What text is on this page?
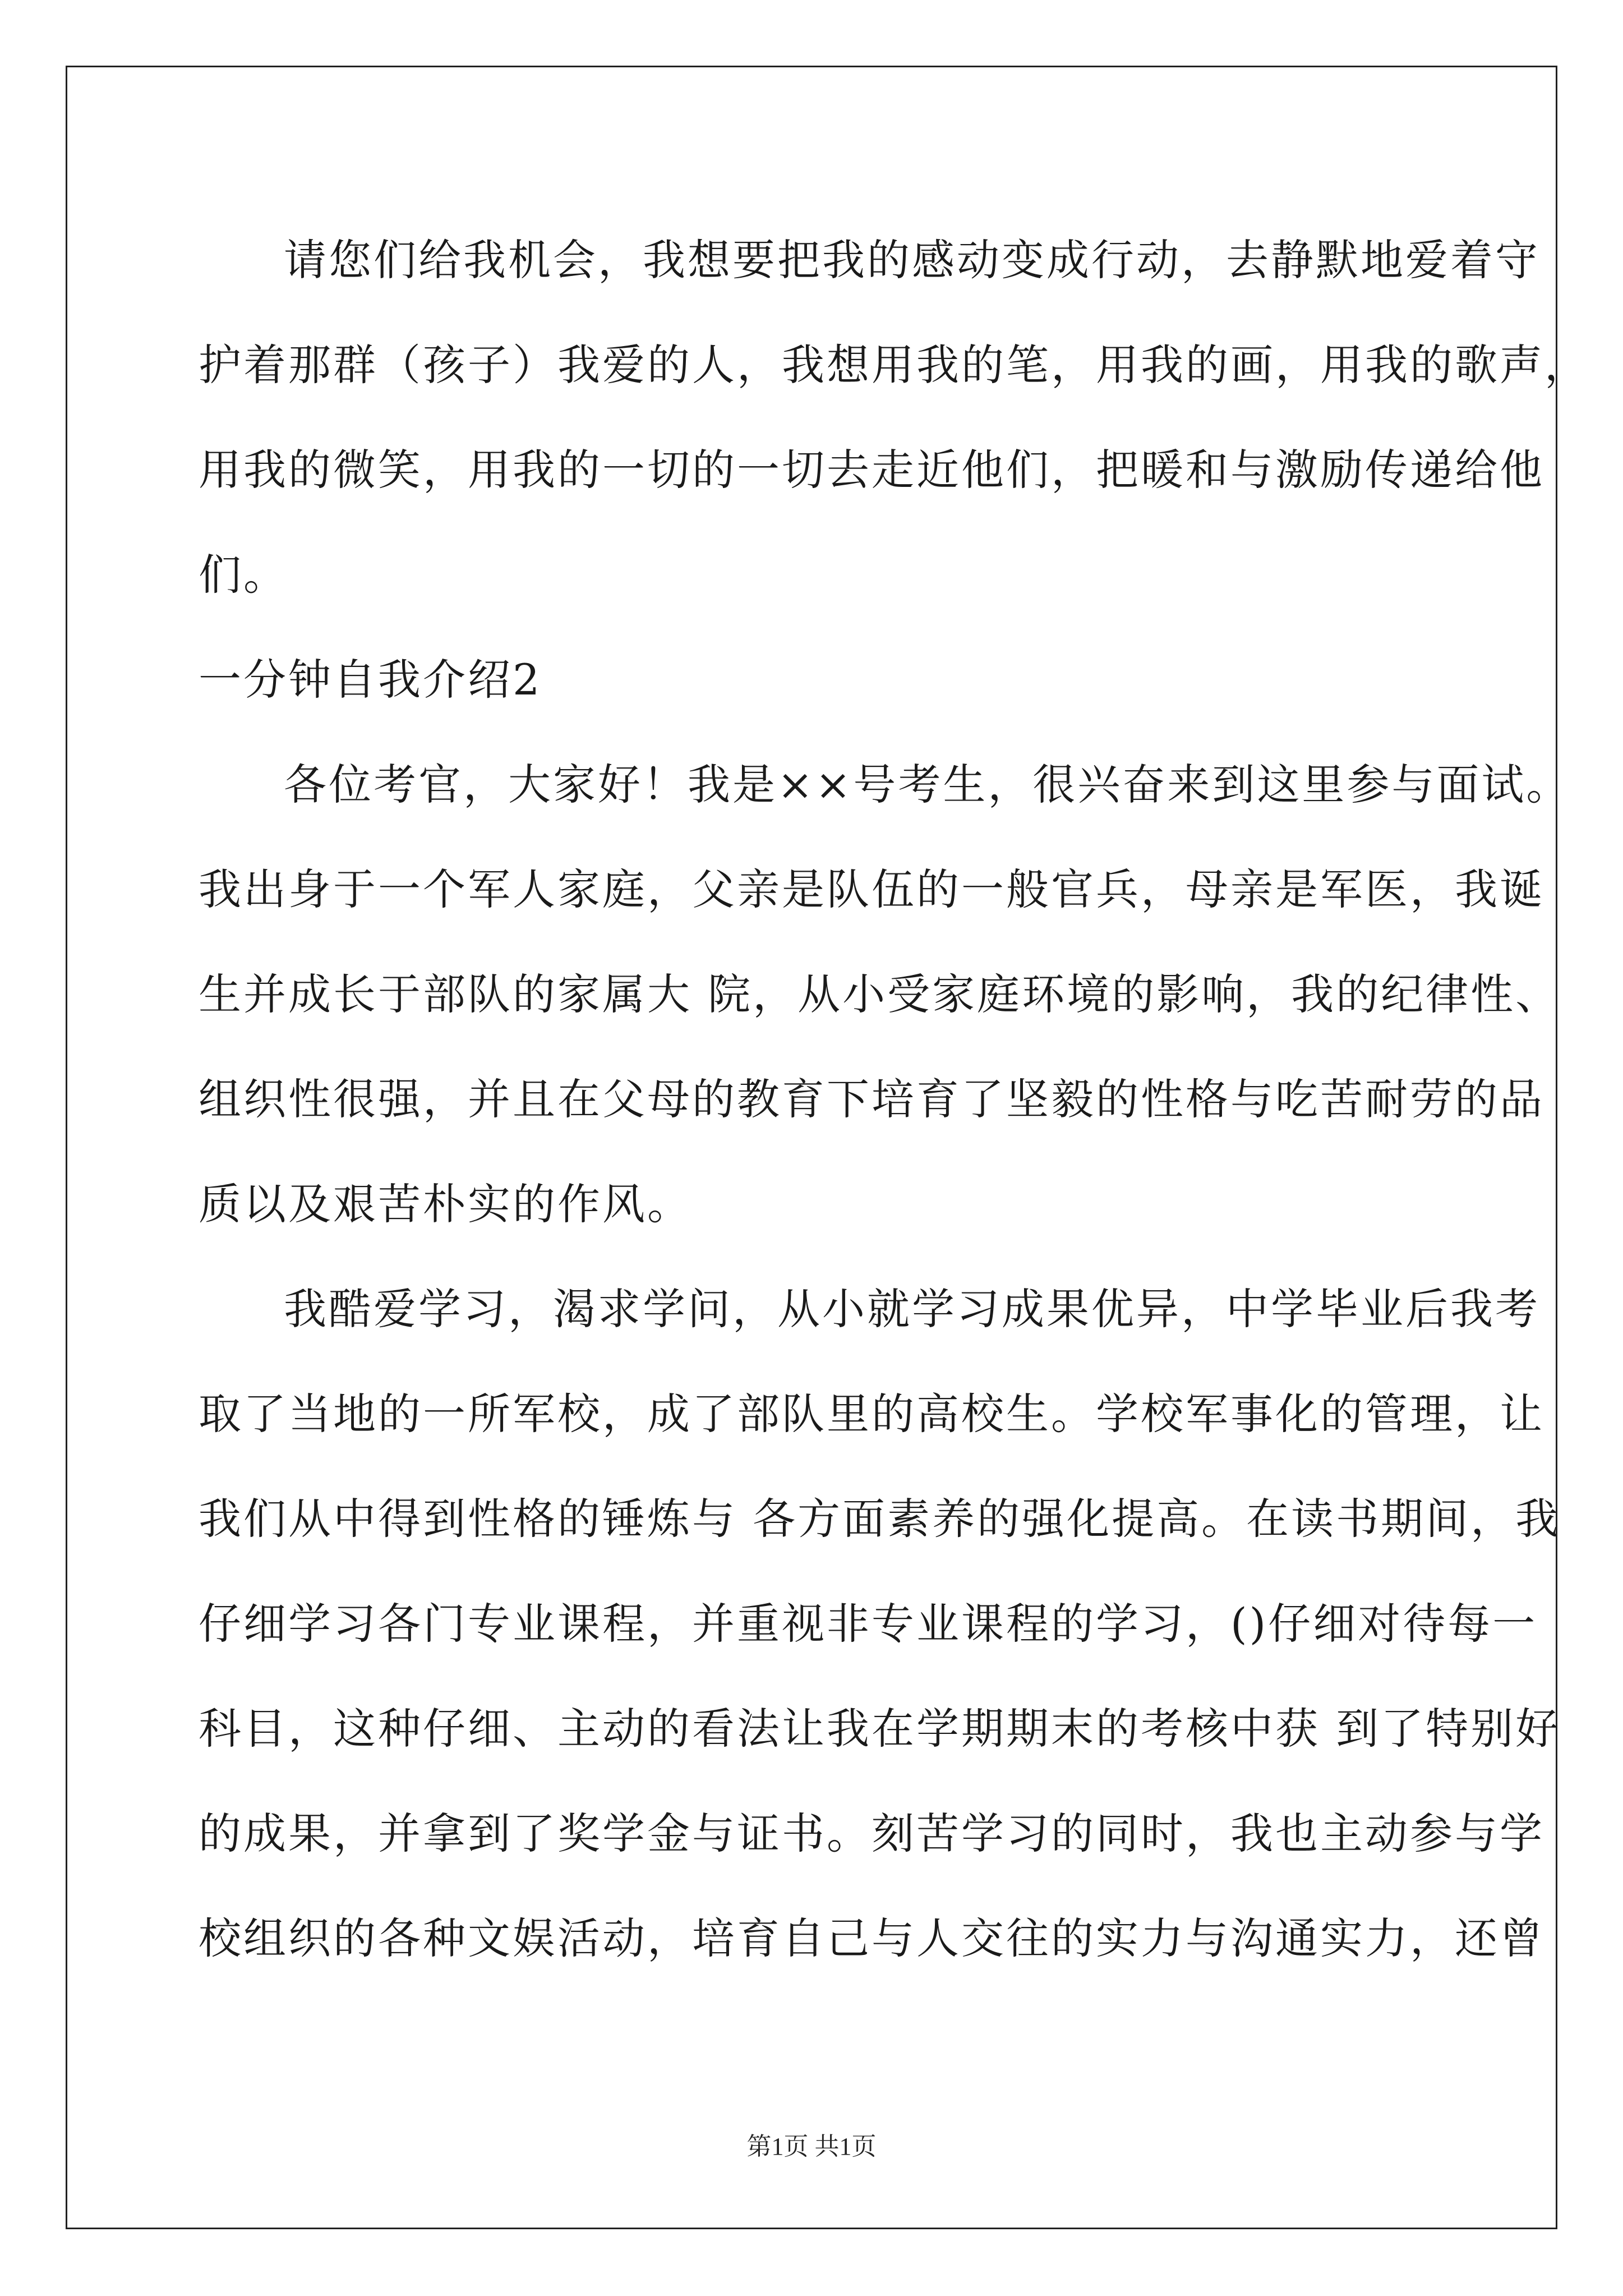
请您们给我机会，我想要把我的感动变成行动，去静默地爱着守
护着那群（孩子）我爱的人，我想用我的笔，用我的画，用我的歌声，
用我的微笑，用我的一切的一切去走近他们，把暖和与激励传递给他
们。
一分钟自我介绍2
各位考官，大家好！我是××号考生，很兴奋来到这里参与面试。
我出身于一个军人家庭，父亲是队伍的一般官兵，母亲是军医，我诞
生并成长于部队的家属大 院，从小受家庭环境的影响，我的纪律性、
组织性很强，并且在父母的教育下培育了坚毅的性格与吃苦耐劳的品
质以及艰苦朴实的作风。
我酷爱学习，渴求学问，从小就学习成果优异，中学毕业后我考
取了当地的一所军校，成了部队里的高校生。学校军事化的管理，让
我们从中得到性格的锤炼与 各方面素养的强化提高。在读书期间，我
仔细学习各门专业课程，并重视非专业课程的学习，()仔细对待每一
科目，这种仔细、主动的看法让我在学期期末的考核中获 到了特别好
的成果，并拿到了奖学金与证书。刻苦学习的同时，我也主动参与学
校组织的各种文娱活动，培育自己与人交往的实力与沟通实力，还曾
第1页 共1页
